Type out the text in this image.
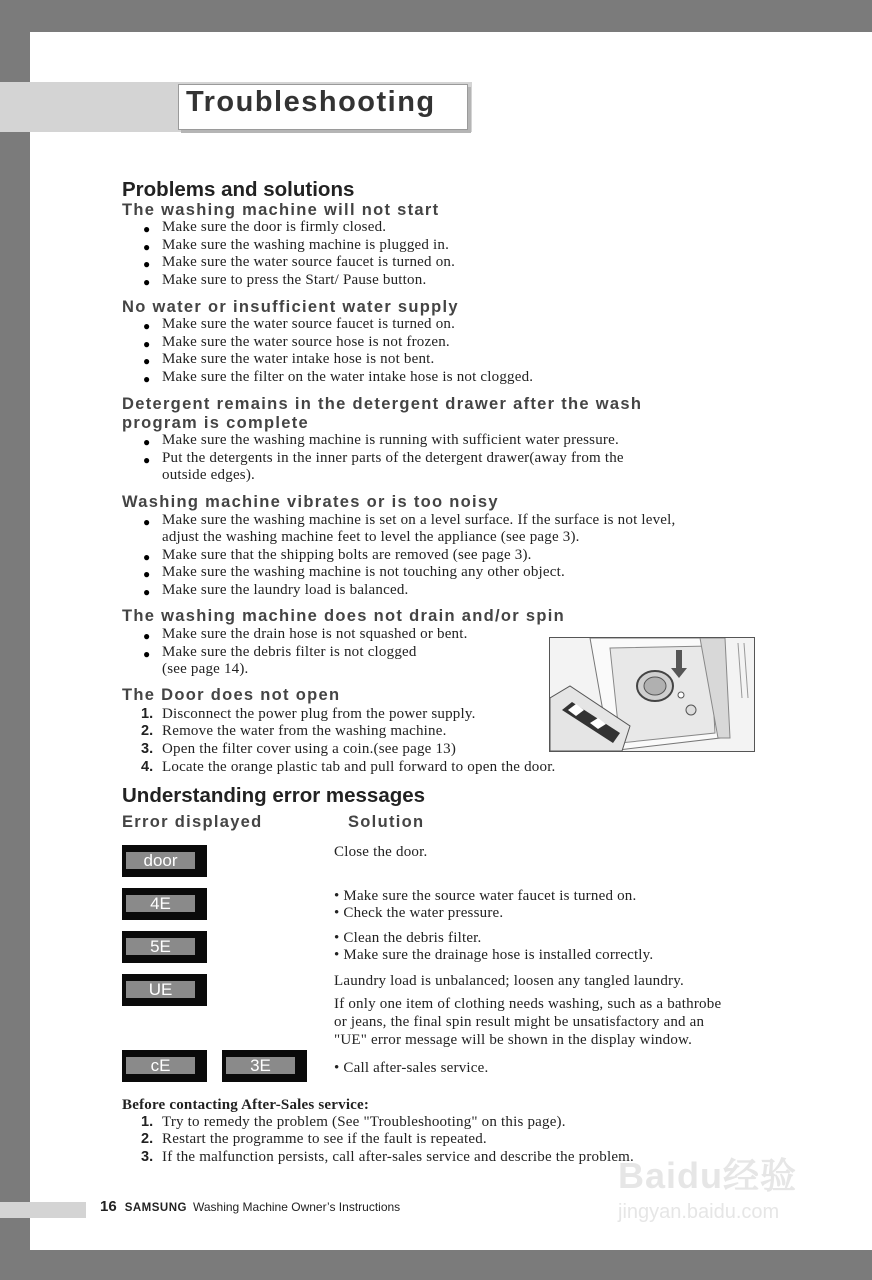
Troubleshooting
Problems and solutions
The washing machine will not start
● Make sure the door is firmly closed.
● Make sure the washing machine is plugged in.
● Make sure the water source faucet is turned on.
● Make sure to press the Start/ Pause button.
No water or insufficient water supply
● Make sure the water source faucet is turned on.
● Make sure the water source hose is not frozen.
● Make sure the water intake hose is not bent.
● Make sure the filter on the water intake hose is not clogged.
Detergent remains in the detergent drawer after the wash
program is complete
● Make sure the washing machine is running with sufficient water pressure.
● Put the detergents in the inner parts of the detergent drawer(away from the
outside edges).
Washing machine vibrates or is too noisy
● Make sure the washing machine is set on a level surface. If the surface is not level,
adjust the washing machine feet to level the appliance (see page 3).
● Make sure that the shipping bolts are removed (see page 3).
● Make sure the washing machine is not touching any other object.
● Make sure the laundry load is balanced.
The washing machine does not drain and/or spin
● Make sure the drain hose is not squashed or bent.
● Make sure the debris filter is not clogged
(see page 14).
The Door does not open
1. Disconnect the power plug from the power supply.
2. Remove the water from the washing machine.
3. Open the filter cover using a coin.(see page 13)
4. Locate the orange plastic tab and pull forward to open the door.
Understanding error messages
Error displayed	Solution
door
4E
5E
UE
cE	3E
Close the door.
• Make sure the source water faucet is turned on.
• Check the water pressure.
• Clean the debris filter.
• Make sure the drainage hose is installed correctly.
Laundry load is unbalanced; loosen any tangled laundry.
If only one item of clothing needs washing, such as a bathrobe
or jeans, the final spin result might be unsatisfactory and an
"UE" error message will be shown in the display window.
• Call after-sales service.
Before contacting After-Sales service:
1. Try to remedy the problem (See "Troubleshooting" on this page).
2. Restart the programme to see if the fault is repeated.
3. If the malfunction persists, call after-sales service and describe the problem.
Baidu经验
jingyan.baidu.com
16 SAMSUNG Washing Machine Owner’s Instructions
